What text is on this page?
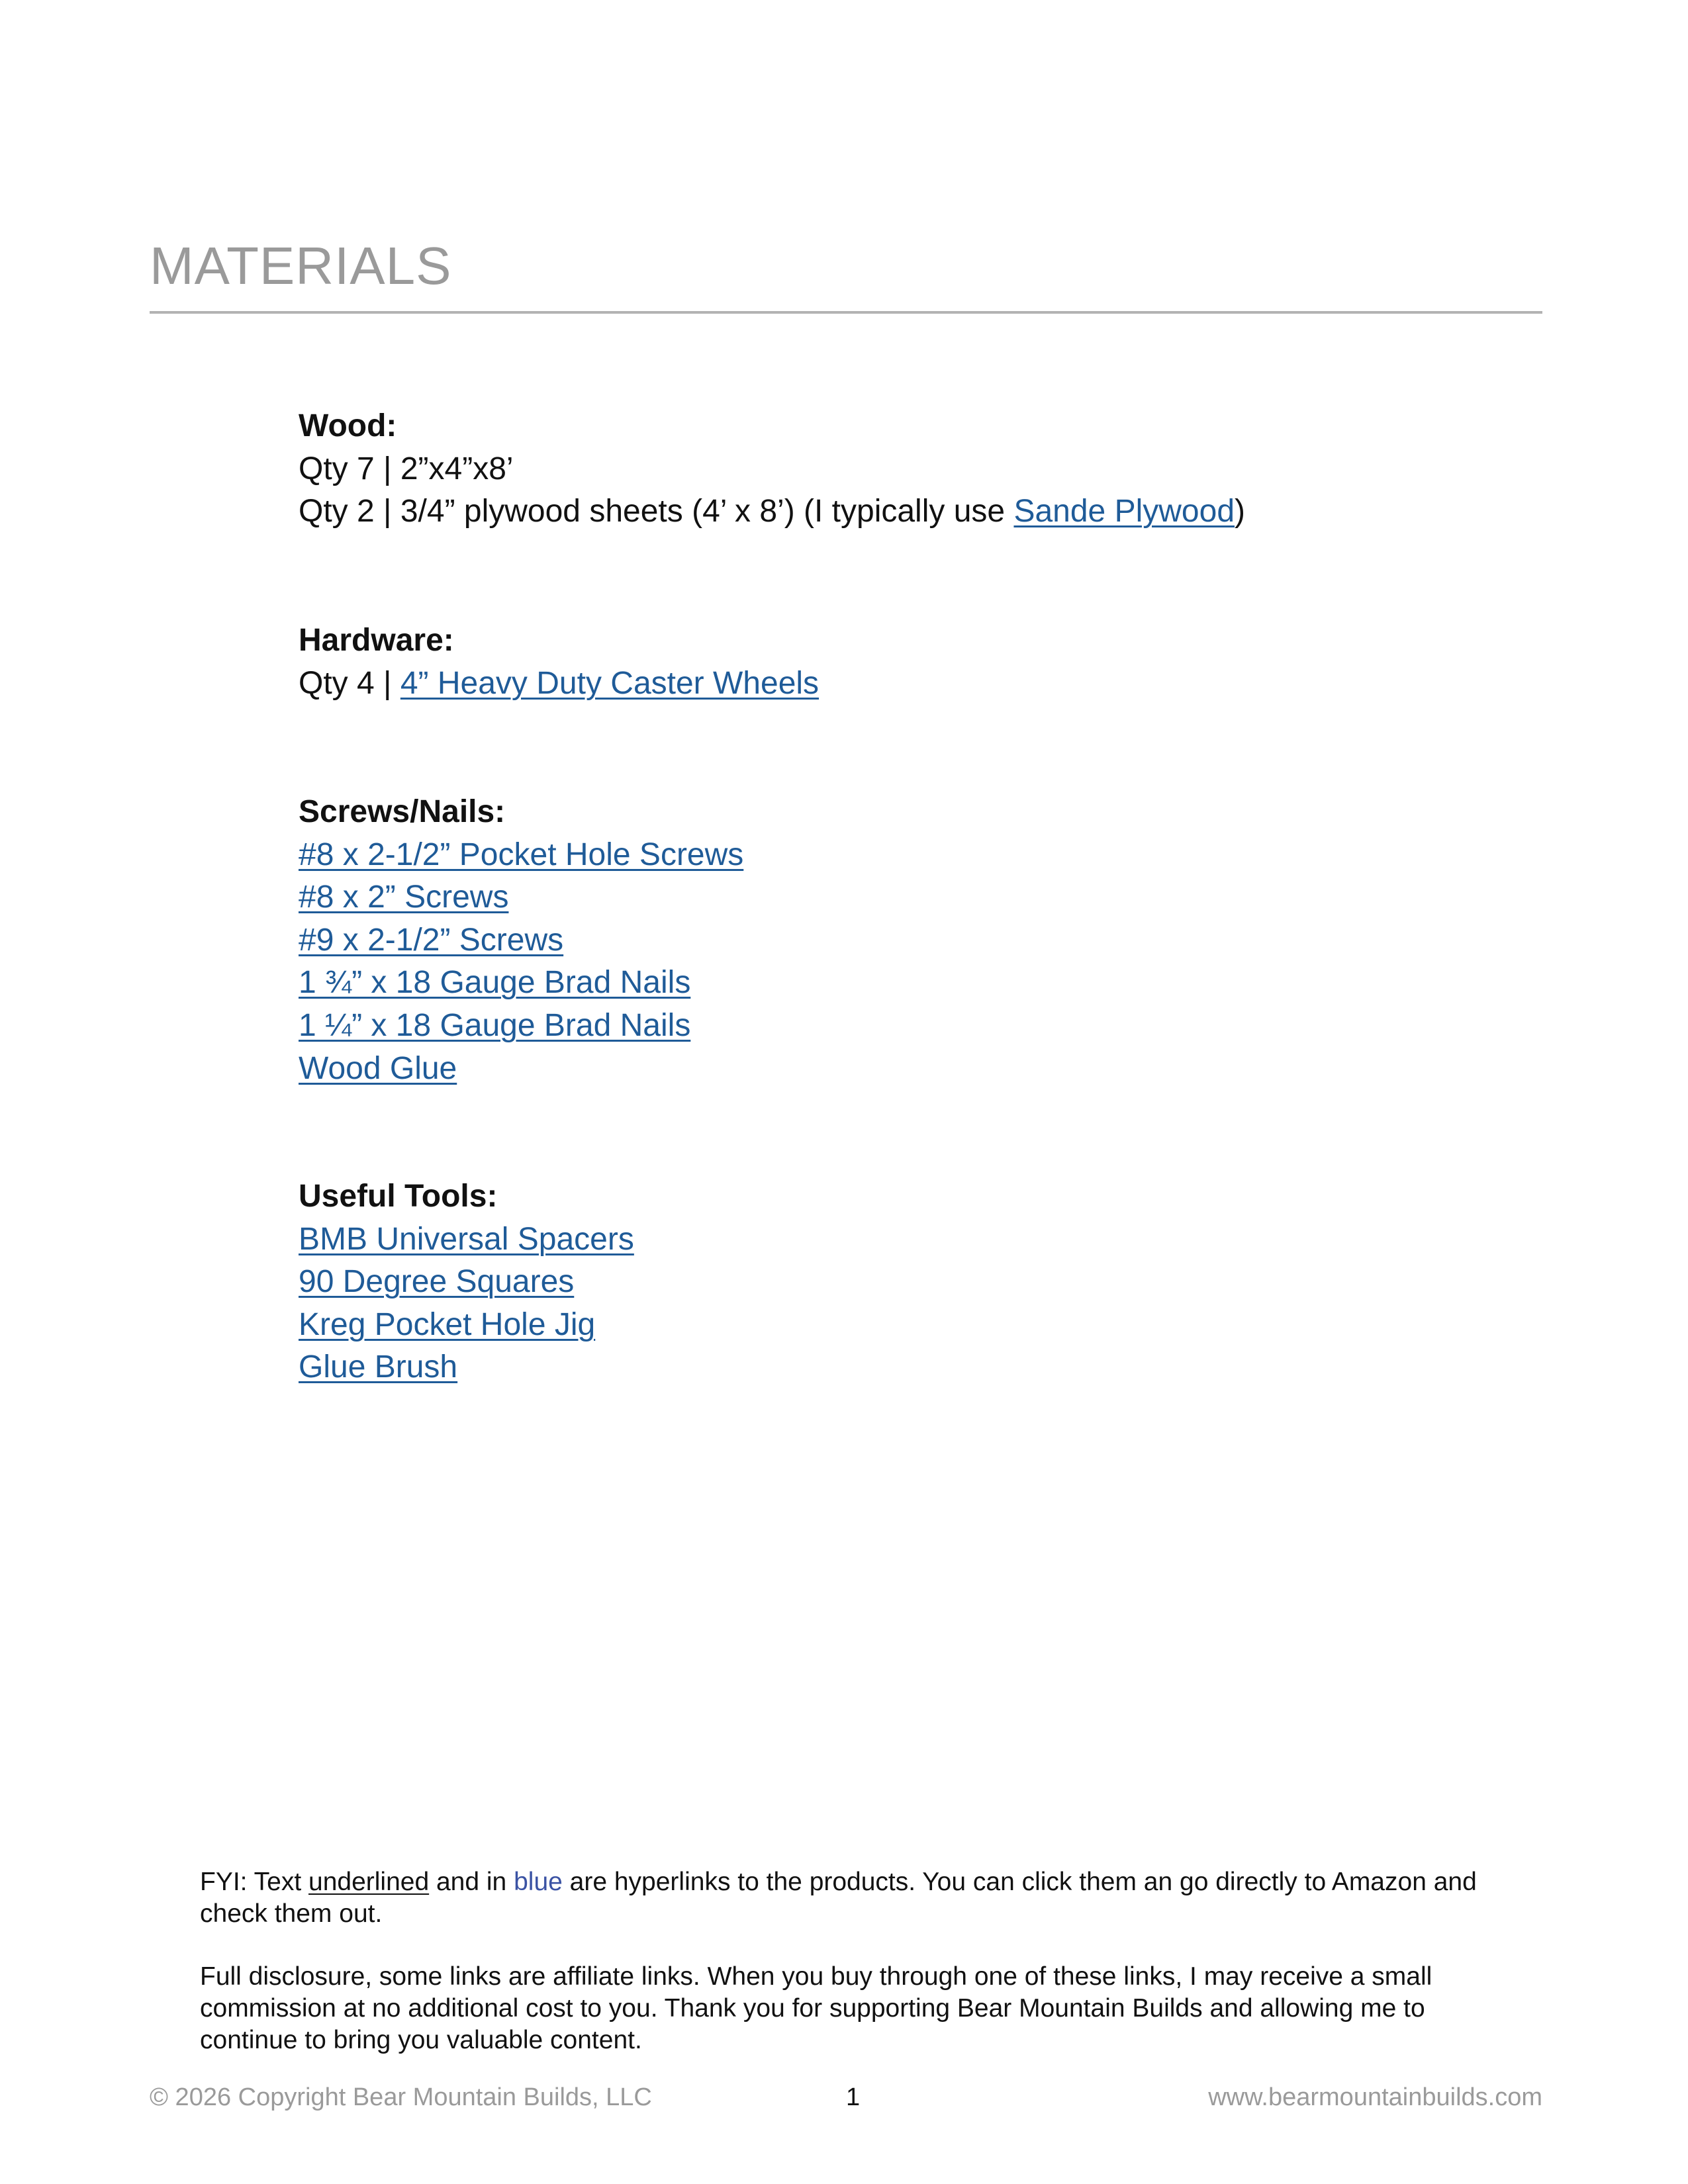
MATERIALS
Wood:
Qty 7 | 2”x4”x8’
Qty 2 | 3/4” plywood sheets (4’ x 8’) (I typically use Sande Plywood)
Hardware:
Qty 4 | 4” Heavy Duty Caster Wheels
Screws/Nails:
#8 x 2-1/2” Pocket Hole Screws
#8 x 2” Screws
#9 x 2-1/2” Screws
1 ¾” x 18 Gauge Brad Nails
1 ¼” x 18 Gauge Brad Nails
Wood Glue
Useful Tools:
BMB Universal Spacers
90 Degree Squares
Kreg Pocket Hole Jig
Glue Brush
FYI: Text underlined and in blue are hyperlinks to the products. You can click them an go directly to Amazon and check them out.
Full disclosure, some links are affiliate links. When you buy through one of these links, I may receive a small commission at no additional cost to you. Thank you for supporting Bear Mountain Builds and allowing me to continue to bring you valuable content.
© 2026 Copyright Bear Mountain Builds, LLC	1	www.bearmountainbuilds.com
